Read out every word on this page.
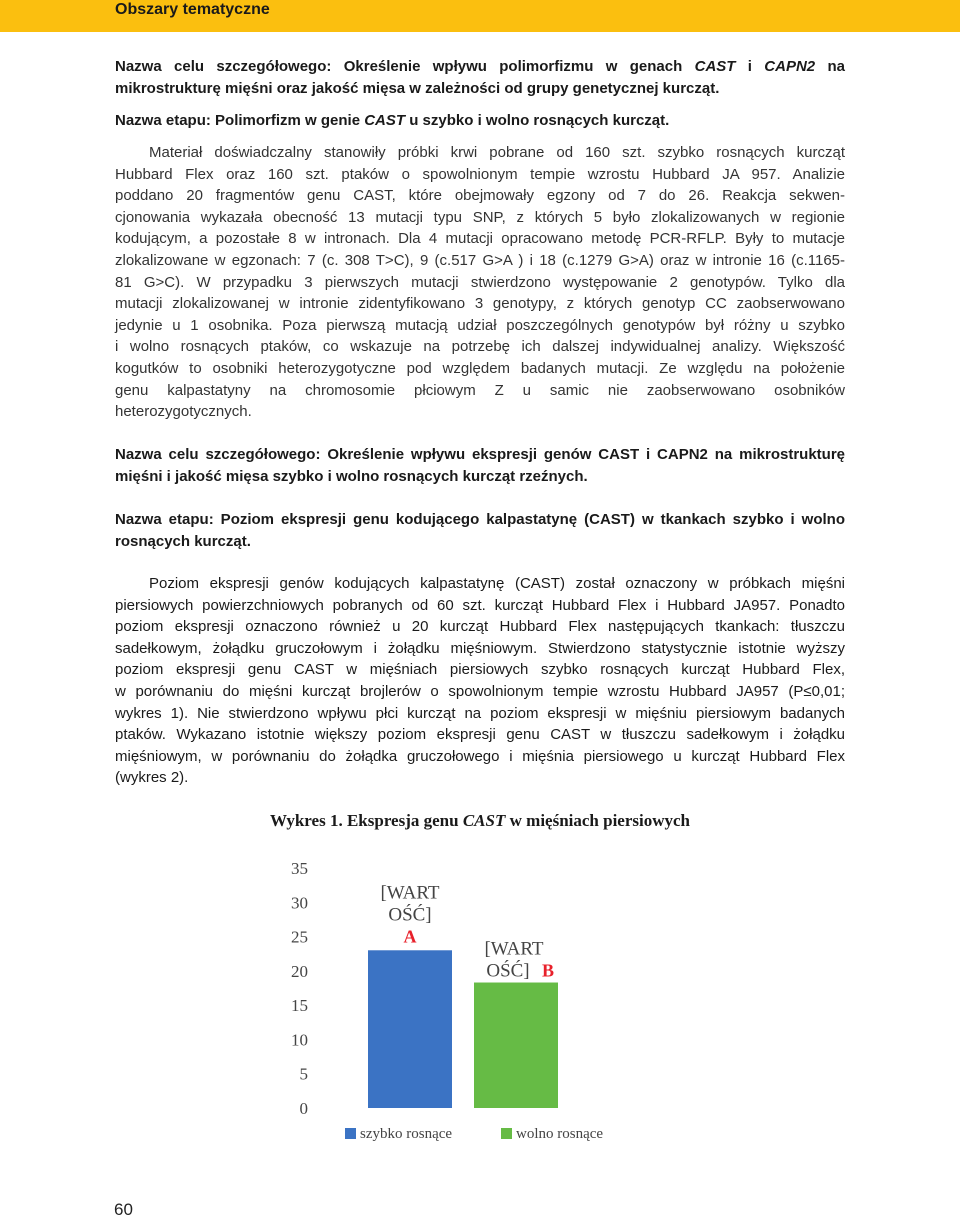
Obszary tematyczne
Nazwa celu szczegółowego: Określenie wpływu polimorfizmu w genach CAST i CAPN2 na
mikrostrukturę mięśni oraz jakość mięsa w zależności od grupy genetycznej kurcząt.
Nazwa etapu: Polimorfizm w genie CAST u szybko i wolno rosnących kurcząt.
Materiał doświadczalny stanowiły próbki krwi pobrane od 160 szt. szybko rosnących kurcząt
Hubbard Flex oraz 160 szt. ptaków o spowolnionym tempie wzrostu Hubbard JA 957. Analizie
poddano 20 fragmentów genu CAST, które obejmowały egzony od 7 do 26. Reakcja sekwen-
cjonowania wykazała obecność 13 mutacji typu SNP, z których 5 było zlokalizowanych w regionie
kodującym, a pozostałe 8 w intronach. Dla 4 mutacji opracowano metodę PCR-RFLP. Były to mutacje
zlokalizowane w egzonach: 7 (c. 308 T>C), 9 (c.517 G>A ) i 18 (c.1279 G>A) oraz w intronie 16 (c.1165-
81 G>C). W przypadku 3 pierwszych mutacji stwierdzono występowanie 2 genotypów. Tylko dla
mutacji zlokalizowanej w intronie zidentyfikowano 3 genotypy, z których genotyp CC zaobserwowano
jedynie u 1 osobnika. Poza pierwszą mutacją udział poszczególnych genotypów był różny u szybko
i wolno rosnących ptaków, co wskazuje na potrzebę ich dalszej indywidualnej analizy. Większość
kogutków to osobniki heterozygotyczne pod względem badanych mutacji. Ze względu na położenie
genu kalpastatyny na chromosomie płciowym Z u samic nie zaobserwowano osobników
heterozygotycznych.
Nazwa celu szczegółowego: Określenie wpływu ekspresji genów CAST i CAPN2 na mikrostrukturę
mięśni i jakość mięsa szybko i wolno rosnących kurcząt rzeźnych.
Nazwa etapu: Poziom ekspresji genu kodującego kalpastatynę (CAST) w tkankach szybko i wolno
rosnących kurcząt.
Poziom ekspresji genów kodujących kalpastatynę (CAST) został oznaczony w próbkach mięśni
piersiowych powierzchniowych pobranych od 60 szt. kurcząt Hubbard Flex i Hubbard JA957. Ponadto
poziom ekspresji oznaczono również u 20 kurcząt Hubbard Flex następujących tkankach: tłuszczu
sadełkowym, żołądku gruczołowym i żołądku mięśniowym. Stwierdzono statystycznie istotnie wyższy
poziom ekspresji genu CAST w mięśniach piersiowych szybko rosnących kurcząt Hubbard Flex,
w porównaniu do mięśni kurcząt brojlerów o spowolnionym tempie wzrostu Hubbard JA957 (P≤0,01;
wykres 1). Nie stwierdzono wpływu płci kurcząt na poziom ekspresji w mięśniu piersiowym badanych
ptaków. Wykazano istotnie większy poziom ekspresji genu CAST w tłuszczu sadełkowym i żołądku
mięśniowym, w porównaniu do żołądka gruczołowego i mięśnia piersiowego u kurcząt Hubbard Flex
(wykres 2).
Wykres 1. Ekspresja genu CAST w mięśniach piersiowych
0
5
10
15
20
25
30
35
[WART
OŚĆ]
A
[WART
OŚĆ] B
szybko rosnące	wolno rosnące
60
